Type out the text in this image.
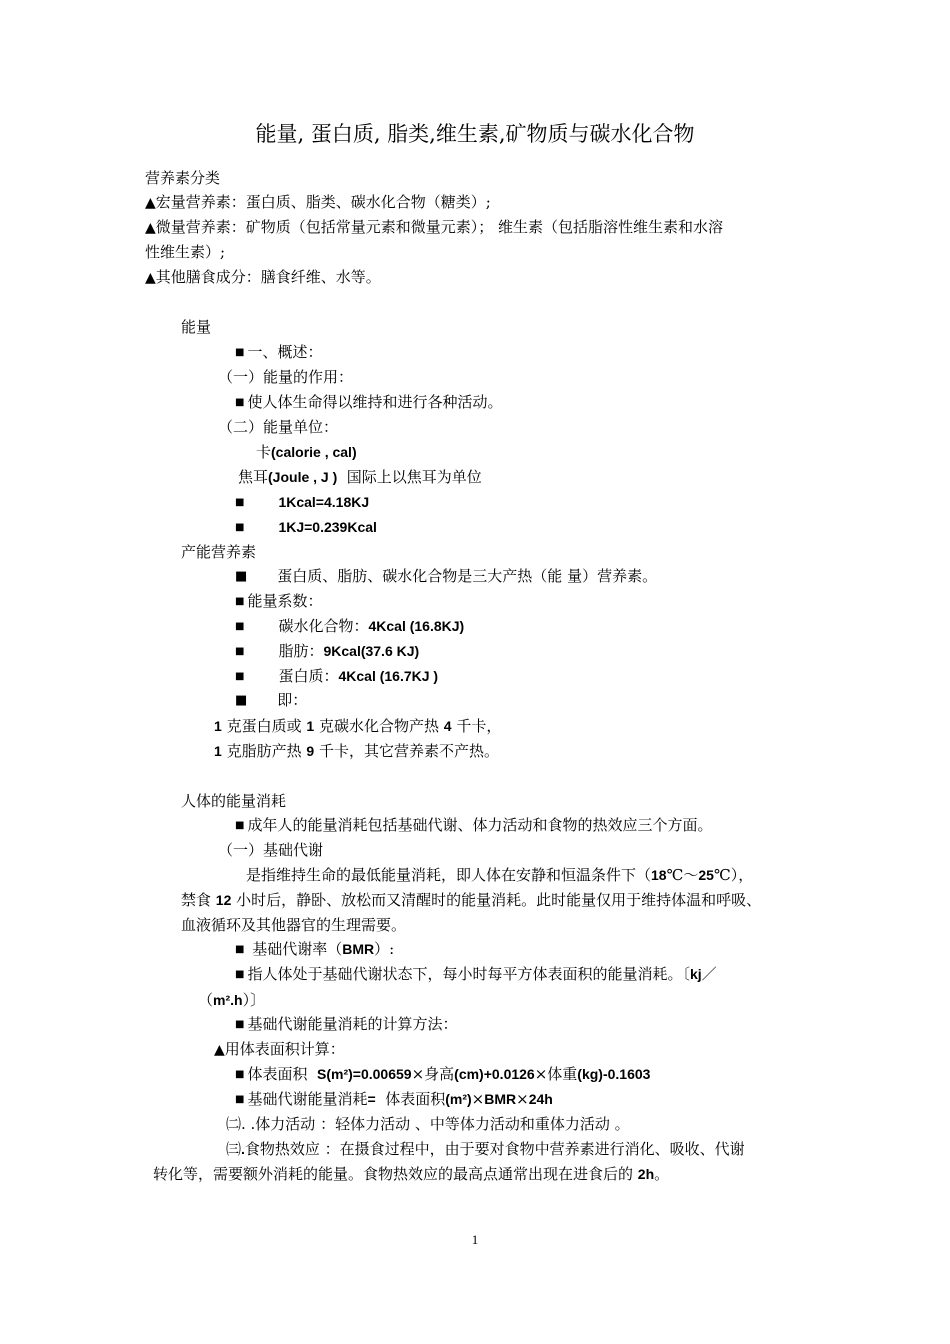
能量, 蛋白质, 脂类,维生素,矿物质与碳水化合物
营养素分类
▲宏量营养素：蛋白质、脂类、碳水化合物（糖类）;
▲微量营养素：矿物质（包括常量元素和微量元素）； 维生素（包括脂溶性维生素和水溶
性维生素）;
▲其他膳食成分：膳食纤维、水等。
能量
■ 一、概述：
（一）能量的作用：
■ 使人体生命得以维持和进行各种活动。
（二）能量单位：
卡(calorie , cal)
焦耳(Joule , J ) 国际上以焦耳为单位
■ 1Kcal=4.18KJ
■ 1KJ=0.239Kcal
产能营养素
■ 蛋白质、脂肪、碳水化合物是三大产热（能 量）营养素。
■ 能量系数：
■ 碳水化合物：4Kcal (16.8KJ)
■ 脂肪：9Kcal(37.6 KJ)
■ 蛋白质：4Kcal (16.7KJ )
■ 即：
1 克蛋白质或 1 克碳水化合物产热 4 千卡，
1 克脂肪产热 9 千卡，其它营养素不产热。
人体的能量消耗
■ 成年人的能量消耗包括基础代谢、体力活动和食物的热效应三个方面。
（一）基础代谢
是指维持生命的最低能量消耗，即人体在安静和恒温条件下（18℃～25℃），
禁食 12 小时后，静卧、放松而又清醒时的能量消耗。此时能量仅用于维持体温和呼吸、
血液循环及其他器官的生理需要。
■ 基础代谢率（BMR）:
■ 指人体处于基础代谢状态下，每小时每平方体表面积的能量消耗。〔kj／
（m².h）〕
■ 基础代谢能量消耗的计算方法：
▲用体表面积计算：
■ 体表面积 S(m²)=0.00659×身高(cm)+0.0126×体重(kg)-0.1603
■ 基础代谢能量消耗= 体表面积(m²)×BMR×24h
㈡. .体力活动 ：轻体力活动 、中等体力活动和重体力活动 。
㈢.食物热效应 ：在摄食过程中，由于要对食物中营养素进行消化、吸收、代谢
转化等，需要额外消耗的能量。食物热效应的最高点通常出现在进食后的 2h。
1
